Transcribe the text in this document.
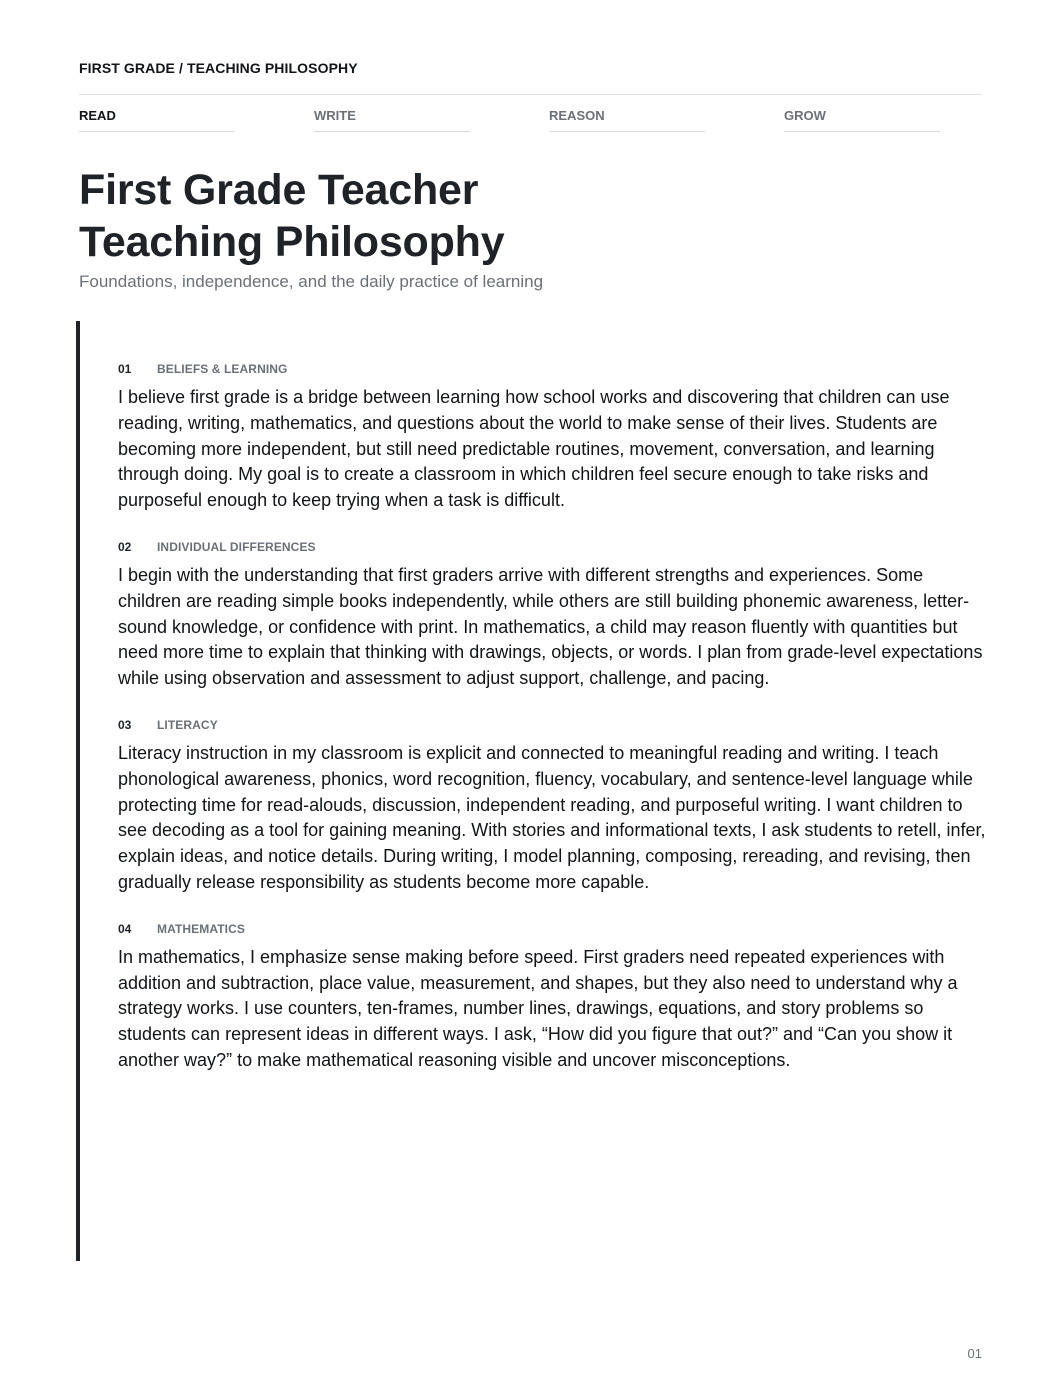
FIRST GRADE / TEACHING PHILOSOPHY
READ	WRITE	REASON	GROW
First Grade Teacher
Teaching Philosophy
Foundations, independence, and the daily practice of learning
01 BELIEFS & LEARNING

I believe first grade is a bridge between learning how school works and discovering that children can use reading, writing, mathematics, and questions about the world to make sense of their lives. Students are becoming more independent, but still need predictable routines, movement, conversation, and learning through doing. My goal is to create a classroom in which children feel secure enough to take risks and purposeful enough to keep trying when a task is difficult.

02 INDIVIDUAL DIFFERENCES

I begin with the understanding that first graders arrive with different strengths and experiences. Some children are reading simple books independently, while others are still building phonemic awareness, letter-sound knowledge, or confidence with print. In mathematics, a child may reason fluently with quantities but need more time to explain that thinking with drawings, objects, or words. I plan from grade-level expectations while using observation and assessment to adjust support, challenge, and pacing.

03 LITERACY

Literacy instruction in my classroom is explicit and connected to meaningful reading and writing. I teach phonological awareness, phonics, word recognition, fluency, vocabulary, and sentence-level language while protecting time for read-alouds, discussion, independent reading, and purposeful writing. I want children to see decoding as a tool for gaining meaning. With stories and informational texts, I ask students to retell, infer, explain ideas, and notice details. During writing, I model planning, composing, rereading, and revising, then gradually release responsibility as students become more capable.

04 MATHEMATICS

In mathematics, I emphasize sense making before speed. First graders need repeated experiences with addition and subtraction, place value, measurement, and shapes, but they also need to understand why a strategy works. I use counters, ten-frames, number lines, drawings, equations, and story problems so students can represent ideas in different ways. I ask, “How did you figure that out?” and “Can you show it another way?” to make mathematical reasoning visible and uncover misconceptions.

01
